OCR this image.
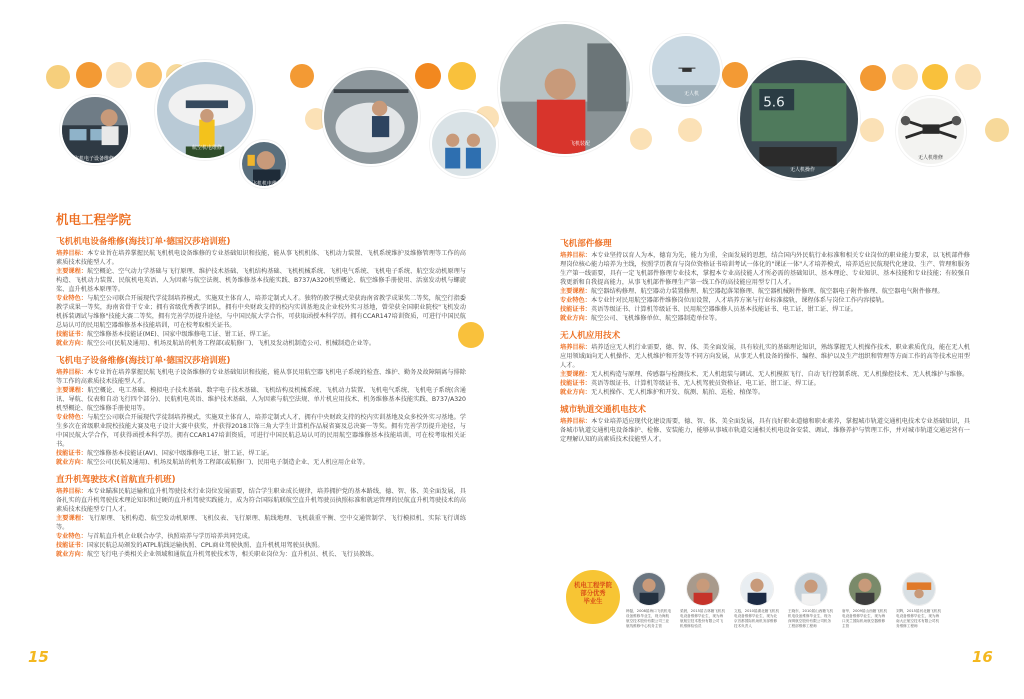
飞机电子设备维修
航空机电维修
飞机机电维修
飞机装配
无人机
5.6
无人机操作
无人机维修
机电工程学院
飞机机电设备维修(海技订单·德国汉莎培训班)

培养目标：本专业旨在培养掌握民航飞机机电设备维修的专业基础知识和技能，能从事飞机机体、飞机动力装置、飞机系统维护及维修管理等工作的高素质技术技能型人才。

主要课程：航空概论、空气动力学基础与飞行原理、维护技术基础、飞机结构基础、飞机机械系统、飞机电气系统、飞机电子系统、航空发动机原理与构造、飞机动力装置、民航机电英语、人为因素与航空法规、机务维修基本技能实践、B737/A320机型概论、航空维修手册使用、活塞发动机与螺旋桨、直升机基本原理等。

专业特色：与航空公司联合开展现代学徒制培养模式，实施双主体育人，培养定制式人才。独特的教学模式荣获海南省教学成果奖二等奖，航空行指委教学成果一等奖，海南省骨干专业；拥有省级优秀教学团队，拥有中央财政支持的校内实训基地及企业校外实习基地，曾荣获全国职业院校"飞机发动机拆装调试与维修"技能大赛二等奖，拥有完善学历提升途径，与中国民航大学合作，可获取函授本科学历。拥有CCAR147培训资质，可进行中国民航总局认可的民用航空器维修基本技能培训，可在校考取相关证书。

技能证书：航空维修基本技能证(ME)、国家中级维修电工证、钳工证、焊工证。

就业方向：航空公司(民航及通用)、机场及航站的机务工程部(或航修厂)、飞机及发动机制造公司、机械制造企业等。

飞机电子设备维修(海技订单·德国汉莎培训班)

培养目标：本专业旨在培养掌握民航飞机电子设备维修的专业基础知识和技能，能从事民用航空器飞机电子系统的检查、维护、勤务及故障隔离与排除等工作的高素质技术技能型人才。

主要课程：航空概论、电工基础、模拟电子技术基础、数字电子技术基础、飞机结构及机械系统、飞机动力装置、飞机电气系统、飞机电子系统(含通讯、导航、仪表和自动飞行四个部分)、民航机电英语、维护技术基础、人为因素与航空法规、单片机应用技术、机务维修基本技能实践、B737/A320机型概论、航空维修手册使用等。

专业特色：与航空公司联合开展现代学徒制培养模式，实施双主体育人，培养定制式人才，拥有中央财政支持的校内实训基地及众多校外实习基地。学生多次在省级职业院校技能大赛及电子设计大赛中获奖，并获得2018卫饰三角大学生计算机作品展省赛及总决赛一等奖。拥有完善学历提升途径，与中国民航大学合作，可获得函授本科学历。拥有CCAR147培训资质，可进行中国民航总局认可的民用航空器维修基本技能培训，可在校考取相关证书。

技能证书：航空维修基本技能证(AV)、国家中级维修电工证、钳工证、焊工证。

就业方向：航空公司(民航及通用)、机场及航站的机务工程部(或航修厂)、民用电子制造企业、无人机应用企业等。

直升机驾驶技术(首航直升机班)

培养目标：本专业瞄准民航运输和直升机驾驶技术行业岗位发展需要，结合学生职业成长规律，培养拥护党的基本路线，德、智、体、美全面发展，具备扎实的直升机驾驶技术理论知识和过硬的直升机驾驶实践能力，成为符合国际航联航空直升机驾驶员执照标准和就运管理的民航直升机驾驶技术的高素质技术技能型专门人才。

主要课程：飞行原理、飞机构造、航空发动机原理、飞机仪表、飞行原理、航线地理、飞机载重平衡、空中交通管制学、飞行模拟机、实际飞行训练等。

专业特色：与首航直升机企业联合办学，执照培养与学历培养共同完成。

技能证书：国家民航总局颁发的ATPL航线运输执照、CPL商业驾驶执照、直升机机用驾驶员执照。

就业方向：航空飞行电子类相关企业领域和通航直升机驾驶技术等，相关职业岗位为：直升机员、机长、飞行员教练。

15
飞机部件修理

培养目标：本专业坚持以育人为本，德育为先，能力为重，全面发展的思想，结合国内外民航行业标准和相关专业岗位的职业能力要求，以飞机部件修理岗位核心能力培养为主线，按照学历教育与岗位资格证书培训考试一体化的"课证一体"人才培养模式，培养适应民航现代化建设、生产、管理和服务生产第一线需要，具有一定飞机部件修理专业技术，掌握本专业高技能人才所必需的基础知识、基本理论、专业知识、基本技能和专业技能；有较强自我更新和自我提高能力，从事飞机部件修理生产第一线工作的高技能应用型专门人才。

主要课程：航空器结构修理、航空器动力装置修理、航空器起落架修理、航空器机械附件修理、航空器电子附件修理、航空器电气附件修理。

专业特色：本专业针对民用航空器部件维修岗位而设置，人才培养方案与行业标准接轨，课程体系与岗位工作内容接轨。

技能证书：英语等级证书、计算机等级证书、民用航空器维修人员基本技能证书、电工证、钳工证、焊工证。

就业方向：航空公司、飞机维修单位、航空器制造单位等。

无人机应用技术

培养目标：培养适应无人机行业需要，德、智、体、美全面发展，具有较扎实的基础理论知识，熟练掌握无人机操作技术，职业素质优良，能在无人机应用领域面向无人机操作、无人机维护和开发等不同方向发展，从事无人机设备的操作、编程、维护以及生产组织和管理等方面工作的高等技术应用型人才。

主要课程：无人机构造与原理、传感器与检测技术、无人机组装与调试、无人机模拟飞行、自动飞行控制系统、无人机操控技术、无人机维护与维修。

技能证书：英语等级证书、计算机等级证书、无人机驾驶员资格证、电工证、钳工证、焊工证。

就业方向：无人机操作、无人机维护和开发、航测、航拍、巡检、植保等。

城市轨道交通机电技术

培养目标：本专业培养适应现代化建设需要，德、智、体、美全面发展，具有良好职业道德和职业素养，掌握城市轨道交通机电技术专业基础知识，具备城市轨道交通机电设备维护、检修、安装能力，能够从事城市轨道交通相关机电设备安装、调试、维修养护与管理工作，并对城市轨道交通运营有一定理解认知的高素质技术技能型人才。

机电工程学院
部分优秀
毕业生
韩磊，2008届海口飞机机电设备维修毕业生，现为海航航空技术股份有限公司三亚航线维修中心机务主管
梁晨，2015届吉林籍飞机机电设备维修毕业生，现为海航航空技术股份有限公司飞机维修检验员
文彪，2010届湖北籍飞机机电设备维修毕业生，现为北京首都国际机场机务部维修技术负责人
王晓东，2010届山西籍飞机机电设备维修毕业生，现为深圳航空股份有限公司机务工程部维修工程师
唐华，2009届山西籍飞机机电设备维修毕业生，现为海口美兰国际机场航空器维修主管
刘辉，2015届河北籍飞机机电设备维修毕业生，现为海南大正航空技术有限公司机务维修工程师
16
